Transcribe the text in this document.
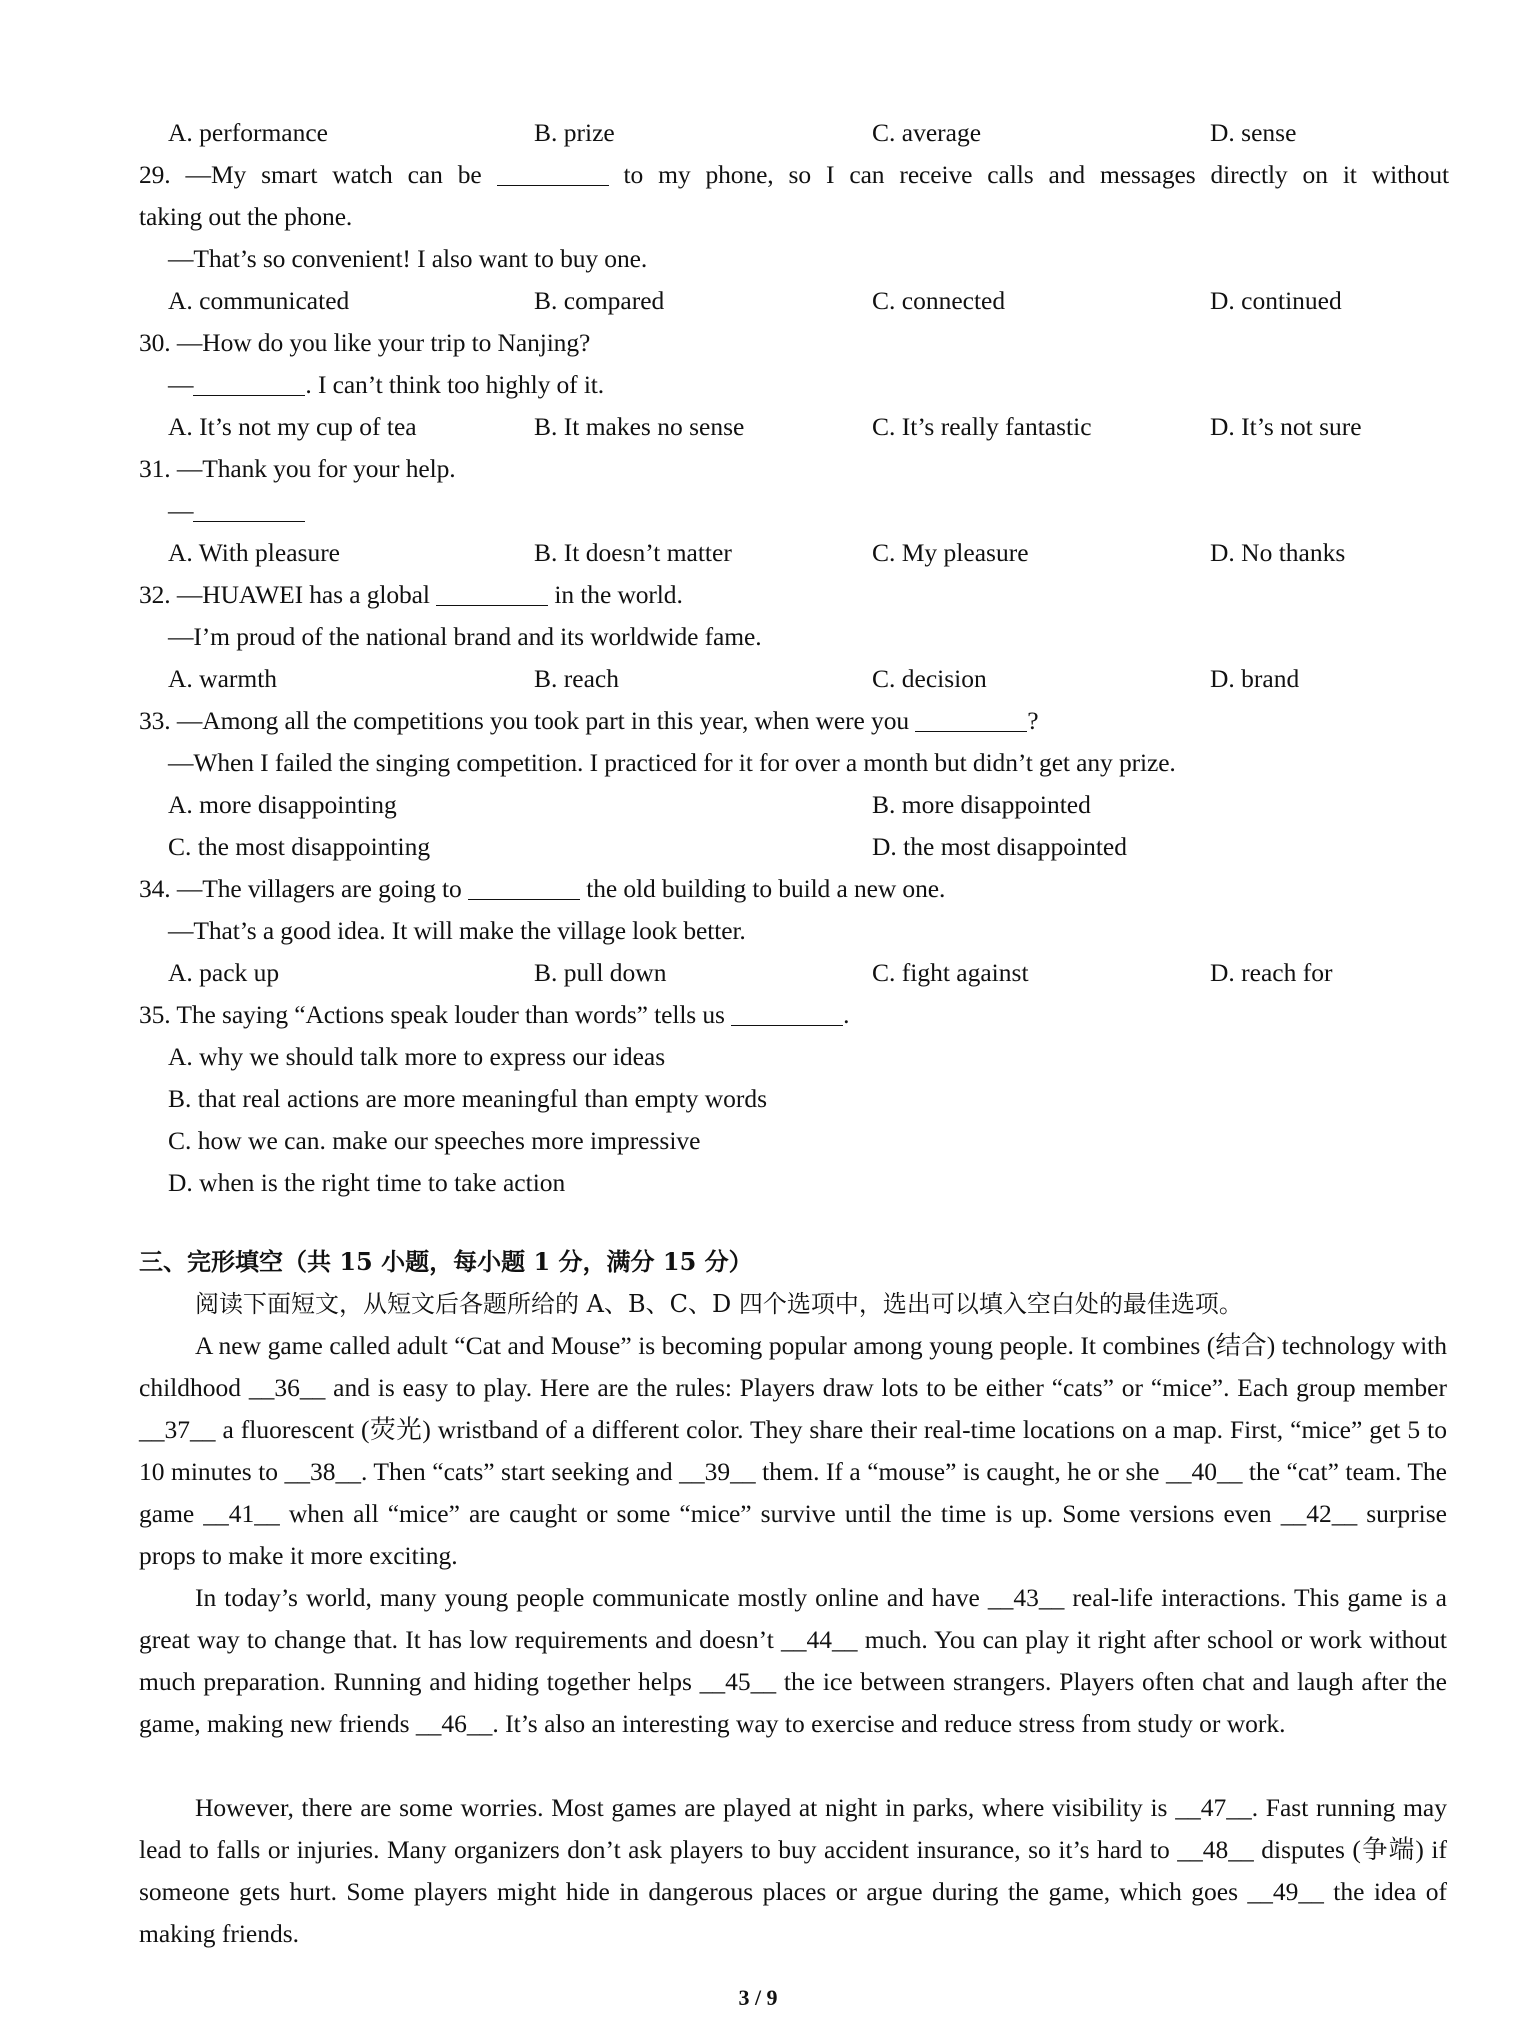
A. performance	B. prize	C. average	D. sense
29. —My smart watch can be	to my phone, so I can receive calls and messages directly on it without
taking out the phone.
—That’s so convenient! I also want to buy one.
A. communicated	B. compared	C. connected	D. continued
30. —How do you like your trip to Nanjing?
—	. I can’t think too highly of it.
A. It’s not my cup of tea	B. It makes no sense	C. It’s really fantastic	D. It’s not sure
31. —Thank you for your help.
—
A. With pleasure	B. It doesn’t matter	C. My pleasure	D. No thanks
32. —HUAWEI has a global	in the world.
—I’m proud of the national brand and its worldwide fame.
A. warmth	B. reach	C. decision	D. brand
33. —Among all the competitions you took part in this year, when were you	?
—When I failed the singing competition. I practiced for it for over a month but didn’t get any prize.
A. more disappointing	B. more disappointed
C. the most disappointing	D. the most disappointed
34. —The villagers are going to	the old building to build a new one.
—That’s a good idea. It will make the village look better.
A. pack up	B. pull down	C. fight against	D. reach for
35. The saying “Actions speak louder than words” tells us	.
A. why we should talk more to express our ideas
B. that real actions are more meaningful than empty words
C. how we can. make our speeches more impressive
D. when is the right time to take action
三、完形填空（共 15 小题，每小题 1 分，满分 15 分）
阅读下面短文，从短文后各题所给的 A、B、C、D 四个选项中，选出可以填入空白处的最佳选项。
A new game called adult “Cat and Mouse” is becoming popular among young people. It combines (结合) technology with childhood __36__ and is easy to play. Here are the rules: Players draw lots to be either “cats” or “mice”. Each group member __37__ a fluorescent (荧光) wristband of a different color. They share their real-time locations on a map. First, “mice” get 5 to 10 minutes to __38__. Then “cats” start seeking and __39__ them. If a “mouse” is caught, he or she __40__ the “cat” team. The game __41__ when all “mice” are caught or some “mice” survive until the time is up. Some versions even __42__ surprise props to make it more exciting.
In today’s world, many young people communicate mostly online and have __43__ real-life interactions. This game is a great way to change that. It has low requirements and doesn’t __44__ much. You can play it right after school or work without much preparation. Running and hiding together helps __45__ the ice between strangers. Players often chat and laugh after the game, making new friends __46__. It’s also an interesting way to exercise and reduce stress from study or work.
However, there are some worries. Most games are played at night in parks, where visibility is __47__. Fast running may lead to falls or injuries. Many organizers don’t ask players to buy accident insurance, so it’s hard to __48__ disputes (争端) if someone gets hurt. Some players might hide in dangerous places or argue during the game, which goes __49__ the idea of making friends.
3 / 9
